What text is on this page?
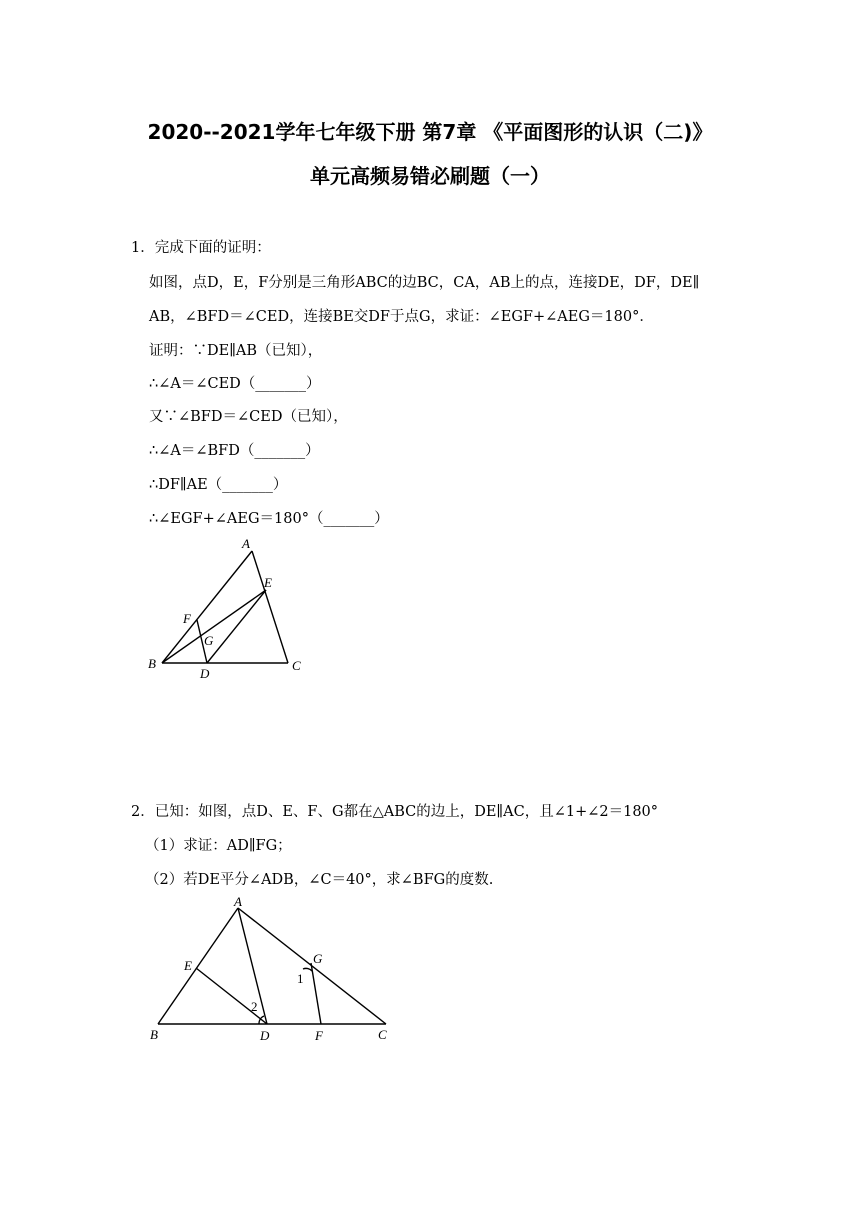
2020--2021学年七年级下册 第7章 《平面图形的认识（二)》
单元高频易错必刷题（一）
1．完成下面的证明：
如图，点D，E，F分别是三角形ABC的边BC，CA，AB上的点，连接DE，DF，DE∥
AB，∠BFD＝∠CED，连接BE交DF于点G，求证：∠EGF+∠AEG＝180°．
证明：∵DE∥AB（已知），
∴∠A＝∠CED（_______）
又∵∠BFD＝∠CED（已知），
∴∠A＝∠BFD（_______）
∴DF∥AE（_______）
∴∠EGF+∠AEG＝180°（_______）
A
B	C
D
E
F
G
2．已知：如图，点D、E、F、G都在△ABC的边上，DE∥AC，且∠1+∠2＝180°
（1）求证：AD∥FG；
（2）若DE平分∠ADB，∠C＝40°，求∠BFG的度数.
A
B	C
D
E
F
G
1
2
